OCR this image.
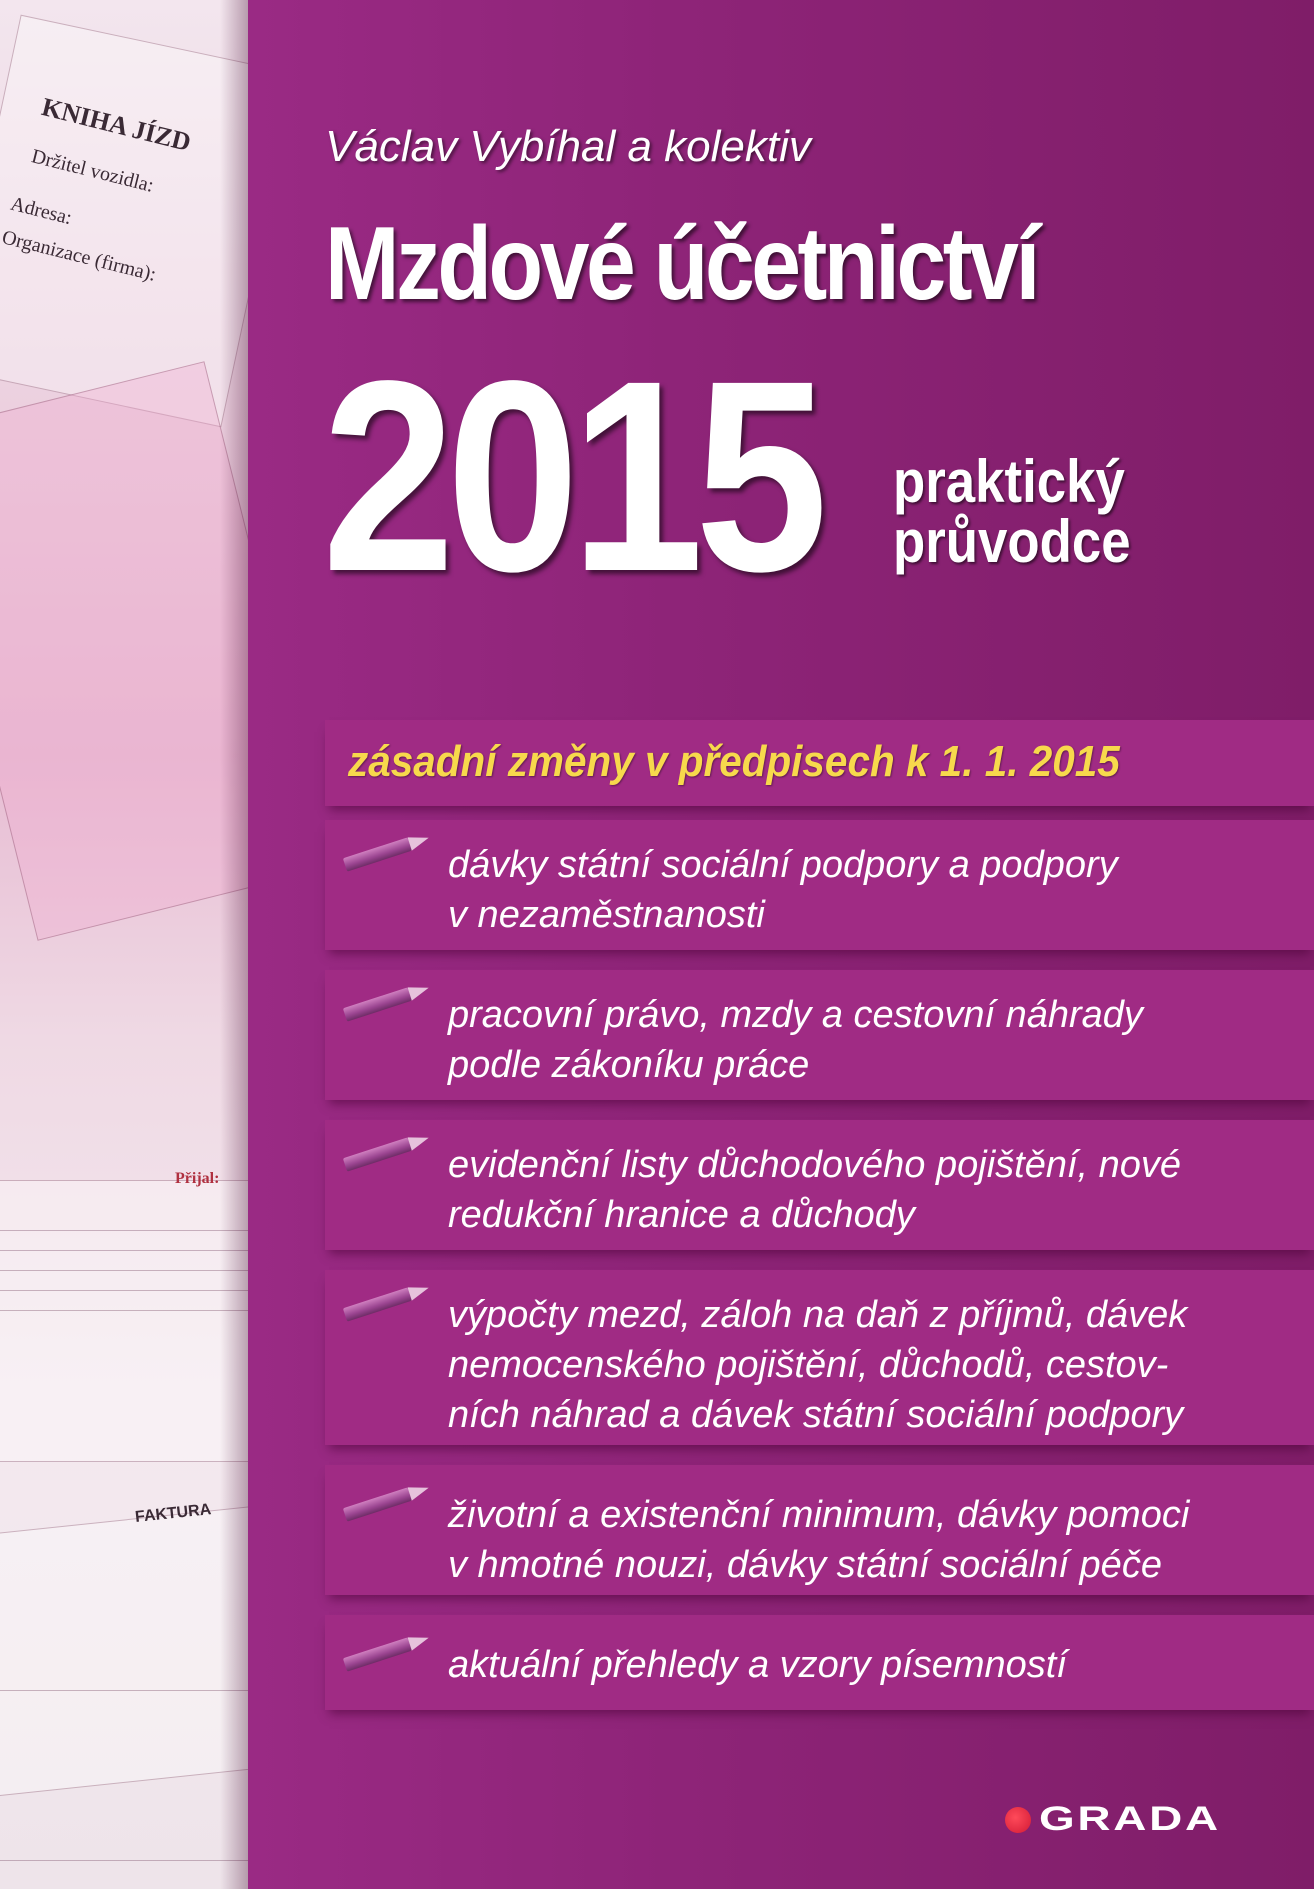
KNIHA JÍZD
Držitel vozidla:
Adresa:
Organizace (firma):
Přijal:
FAKTURA
Václav Vybíhal a kolektiv
Mzdové účetnictví
2015 praktický
průvodce
zásadní změny v předpisech k 1. 1. 2015
dávky státní sociální podpory a podpory
v nezaměstnanosti
pracovní právo, mzdy a cestovní náhrady
podle zákoníku práce
evidenční listy důchodového pojištění, nové
redukční hranice a důchody
výpočty mezd, záloh na daň z příjmů, dávek
nemocenského pojištění, důchodů, cestov-
ních náhrad a dávek státní sociální podpory
životní a existenční minimum, dávky pomoci
v hmotné nouzi, dávky státní sociální péče
aktuální přehledy a vzory písemností
GRADA
